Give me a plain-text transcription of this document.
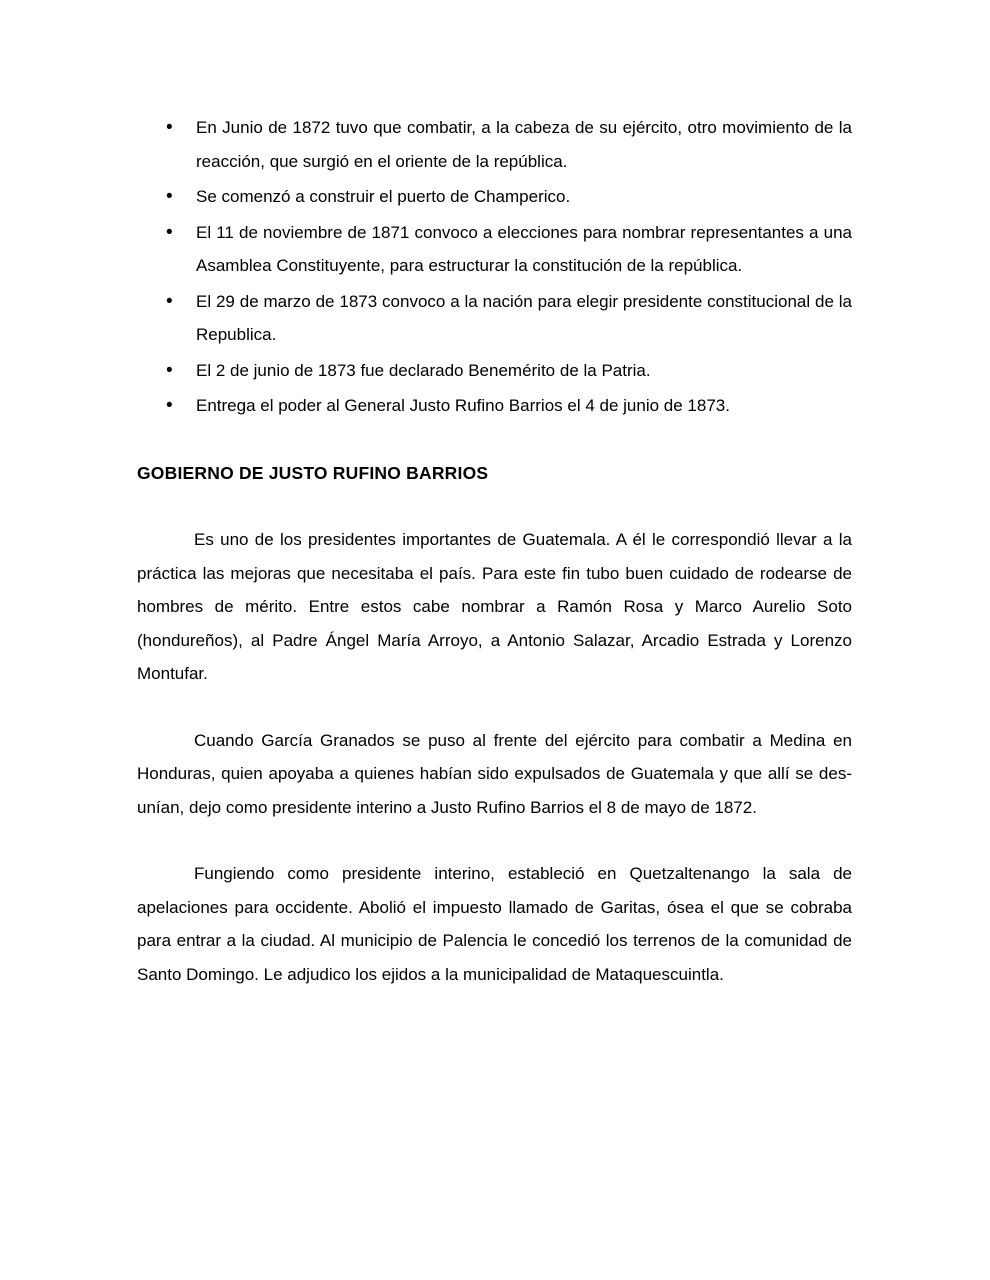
• En Junio de 1872 tuvo que combatir, a la cabeza de su ejército, otro movimiento de la reacción, que surgió en el oriente de la república.
• Se comenzó a construir el puerto de Champerico.
• El 11 de noviembre de 1871 convoco a elecciones para nombrar representantes a una Asamblea Constituyente, para estructurar la constitución de la república.
• El 29 de marzo de 1873 convoco a la nación para elegir presidente constitucional de la Republica.
• El 2 de junio de 1873 fue declarado Benemérito de la Patria.
• Entrega el poder al General Justo Rufino Barrios el 4 de junio de 1873.
GOBIERNO DE JUSTO RUFINO BARRIOS

Es uno de los presidentes importantes de Guatemala. A él le correspondió llevar a la práctica las mejoras que necesitaba el país. Para este fin tubo buen cuidado de rodearse de hombres de mérito. Entre estos cabe nombrar a Ramón Rosa y Marco Aurelio Soto (hondureños), al Padre Ángel María Arroyo, a Antonio Salazar, Arcadio Estrada y Lorenzo Montufar.

Cuando García Granados se puso al frente del ejército para combatir a Medina en Honduras, quien apoyaba a quienes habían sido expulsados de Guatemala y que allí se des-unían, dejo como presidente interino a Justo Rufino Barrios el 8 de mayo de 1872.

Fungiendo como presidente interino, estableció en Quetzaltenango la sala de apelaciones para occidente. Abolió el impuesto llamado de Garitas, ósea el que se cobraba para entrar a la ciudad. Al municipio de Palencia le concedió los terrenos de la comunidad de Santo Domingo. Le adjudico los ejidos a la municipalidad de Mataquescuintla.
